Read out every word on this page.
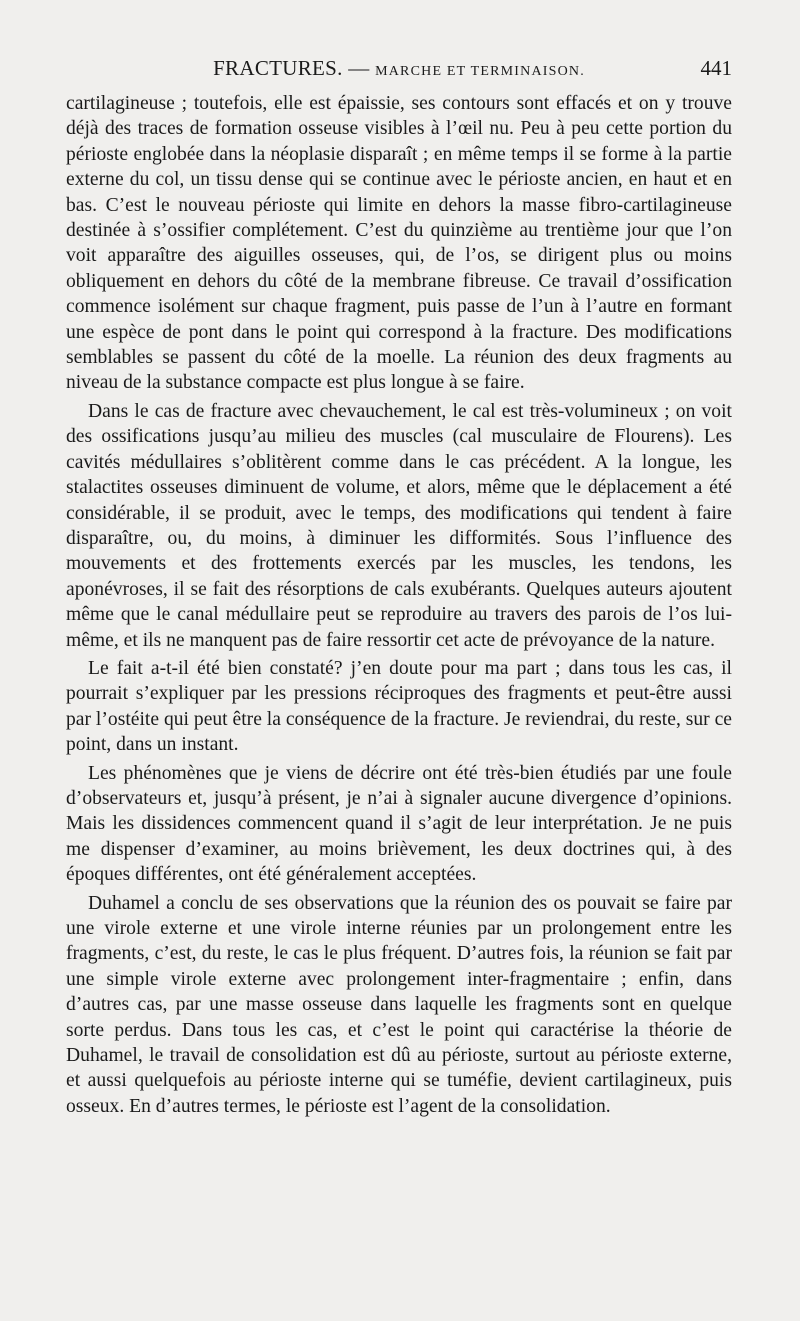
FRACTURES. — MARCHE ET TERMINAISON.	441

cartilagineuse ; toutefois, elle est épaissie, ses contours sont effacés et on y trouve déjà des traces de formation osseuse visibles à l’œil nu. Peu à peu cette portion du périoste englobée dans la néoplasie disparaît ; en même temps il se forme à la partie externe du col, un tissu dense qui se continue avec le périoste ancien, en haut et en bas. C’est le nouveau périoste qui limite en dehors la masse fibro-cartilagineuse destinée à s’ossifier complétement. C’est du quinzième au trentième jour que l’on voit apparaître des aiguilles osseuses, qui, de l’os, se dirigent plus ou moins obliquement en dehors du côté de la membrane fibreuse. Ce travail d’ossification commence isolément sur chaque fragment, puis passe de l’un à l’autre en formant une espèce de pont dans le point qui correspond à la fracture. Des modifications semblables se passent du côté de la moelle. La réunion des deux fragments au niveau de la substance compacte est plus longue à se faire.

Dans le cas de fracture avec chevauchement, le cal est très-volumineux ; on voit des ossifications jusqu’au milieu des muscles (cal musculaire de Flourens). Les cavités médullaires s’oblitèrent comme dans le cas précédent. A la longue, les stalactites osseuses diminuent de volume, et alors, même que le déplacement a été considérable, il se produit, avec le temps, des modifications qui tendent à faire disparaître, ou, du moins, à diminuer les difformités. Sous l’influence des mouvements et des frottements exercés par les muscles, les tendons, les aponévroses, il se fait des résorptions de cals exubérants. Quelques auteurs ajoutent même que le canal médullaire peut se reproduire au travers des parois de l’os lui-même, et ils ne manquent pas de faire ressortir cet acte de prévoyance de la nature.

Le fait a-t-il été bien constaté? j’en doute pour ma part ; dans tous les cas, il pourrait s’expliquer par les pressions réciproques des fragments et peut-être aussi par l’ostéite qui peut être la conséquence de la fracture. Je reviendrai, du reste, sur ce point, dans un instant.

Les phénomènes que je viens de décrire ont été très-bien étudiés par une foule d’observateurs et, jusqu’à présent, je n’ai à signaler aucune divergence d’opinions. Mais les dissidences commencent quand il s’agit de leur interprétation. Je ne puis me dispenser d’examiner, au moins brièvement, les deux doctrines qui, à des époques différentes, ont été généralement acceptées.

Duhamel a conclu de ses observations que la réunion des os pouvait se faire par une virole externe et une virole interne réunies par un prolongement entre les fragments, c’est, du reste, le cas le plus fréquent. D’autres fois, la réunion se fait par une simple virole externe avec prolongement inter-fragmentaire ; enfin, dans d’autres cas, par une masse osseuse dans laquelle les fragments sont en quelque sorte perdus. Dans tous les cas, et c’est le point qui caractérise la théorie de Duhamel, le travail de consolidation est dû au périoste, surtout au périoste externe, et aussi quelquefois au périoste interne qui se tuméfie, devient cartilagineux, puis osseux. En d’autres termes, le périoste est l’agent de la consolidation.
